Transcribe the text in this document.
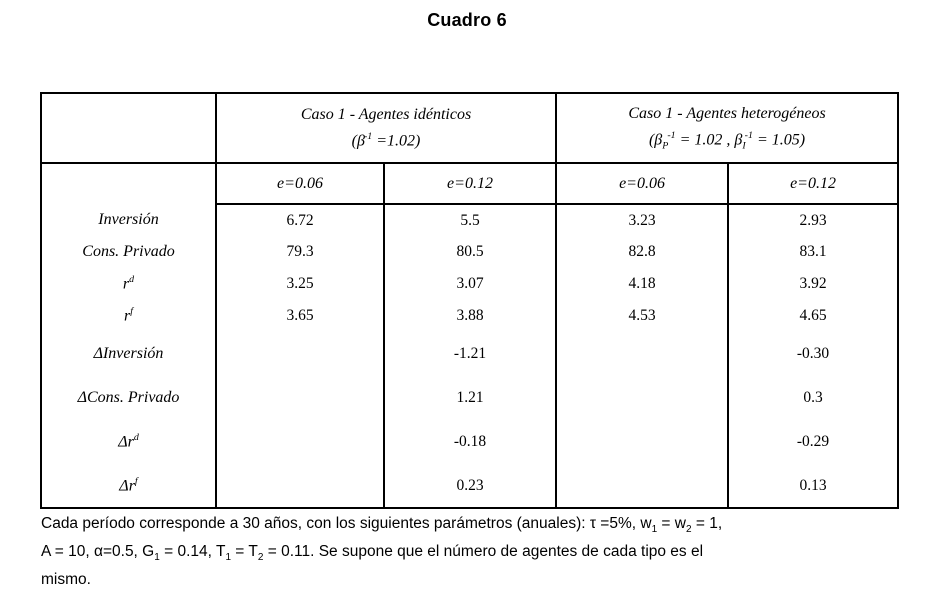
Cuadro 6

Caso 1 - Agentes idénticos
$(\beta^{-1} =1.02)$

Caso 1 - Agentes heterogéneos
($\beta_P^{-1} = 1.02$ , $\beta_I^{-1} = 1.05$)

	e=0.06	e=0.12	e=0.06	e=0.12
Inversión	6.72	5.5	3.23	2.93
Cons. Privado	79.3	80.5	82.8	83.1
$r^d$	3.25	3.07	4.18	3.92
$r^f$	3.65	3.88	4.53	4.65
ΔInversión		-1.21		-0.30
ΔCons. Privado		1.21		0.3
$\Delta r^d$		-0.18		-0.29
$\Delta r^f$		0.23		0.13
Cada período corresponde a 30 años, con los siguientes parámetros (anuales): τ =5%, $w_1 = w_2 = 1$,
A = 10, α=0.5, $G_1 = 0.14$, $T_1 = T_2 = 0.11$. Se supone que el número de agentes de cada tipo es el
mismo.
